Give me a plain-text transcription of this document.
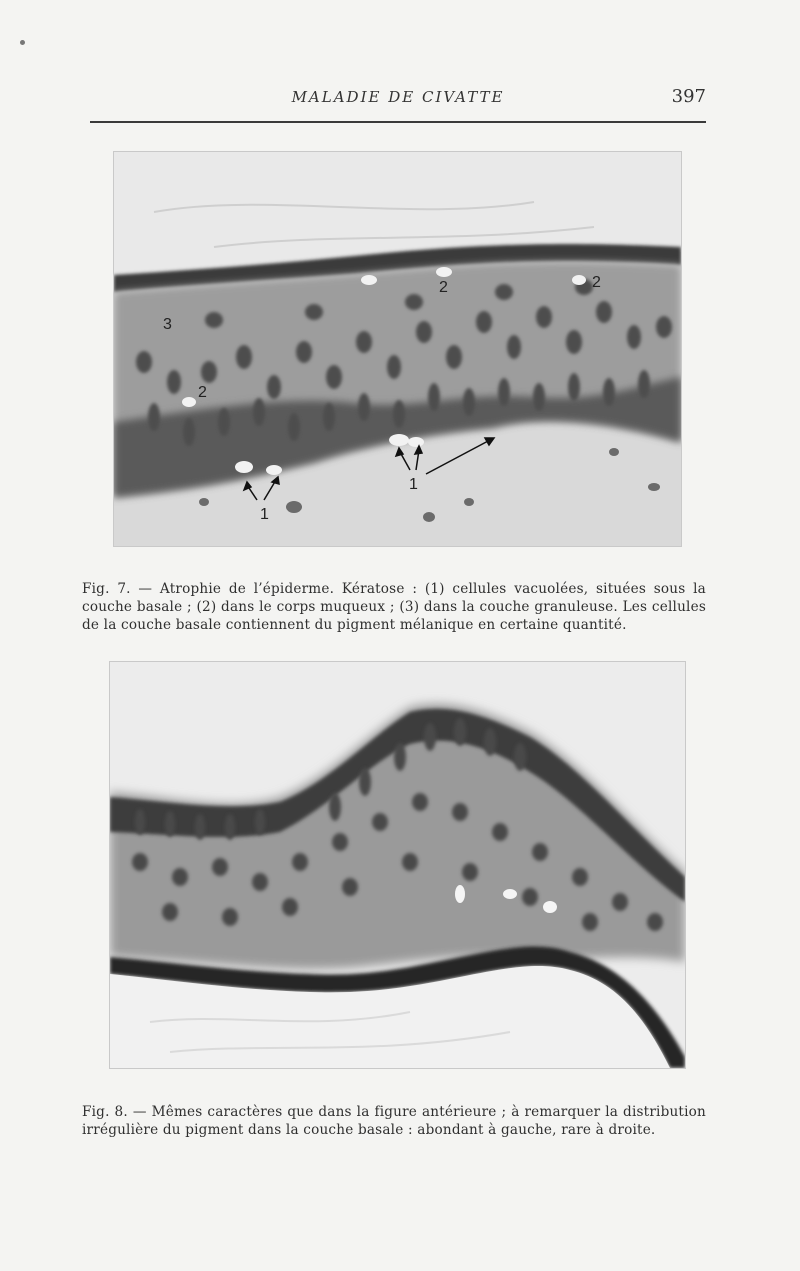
MALADIE DE CIVATTE	397
1
1
2	2
2
3

Fig. 7. — Atrophie de l’épiderme. Kératose : (1) cellules vacuolées, situées sous la couche basale ; (2) dans le corps muqueux ; (3) dans la couche granuleuse. Les cellules de la couche basale contiennent du pigment mélanique en certaine quantité.

Fig. 8. — Mêmes caractères que dans la figure antérieure ; à remarquer la distribution irrégulière du pigment dans la couche basale : abondant à gauche, rare à droite.
